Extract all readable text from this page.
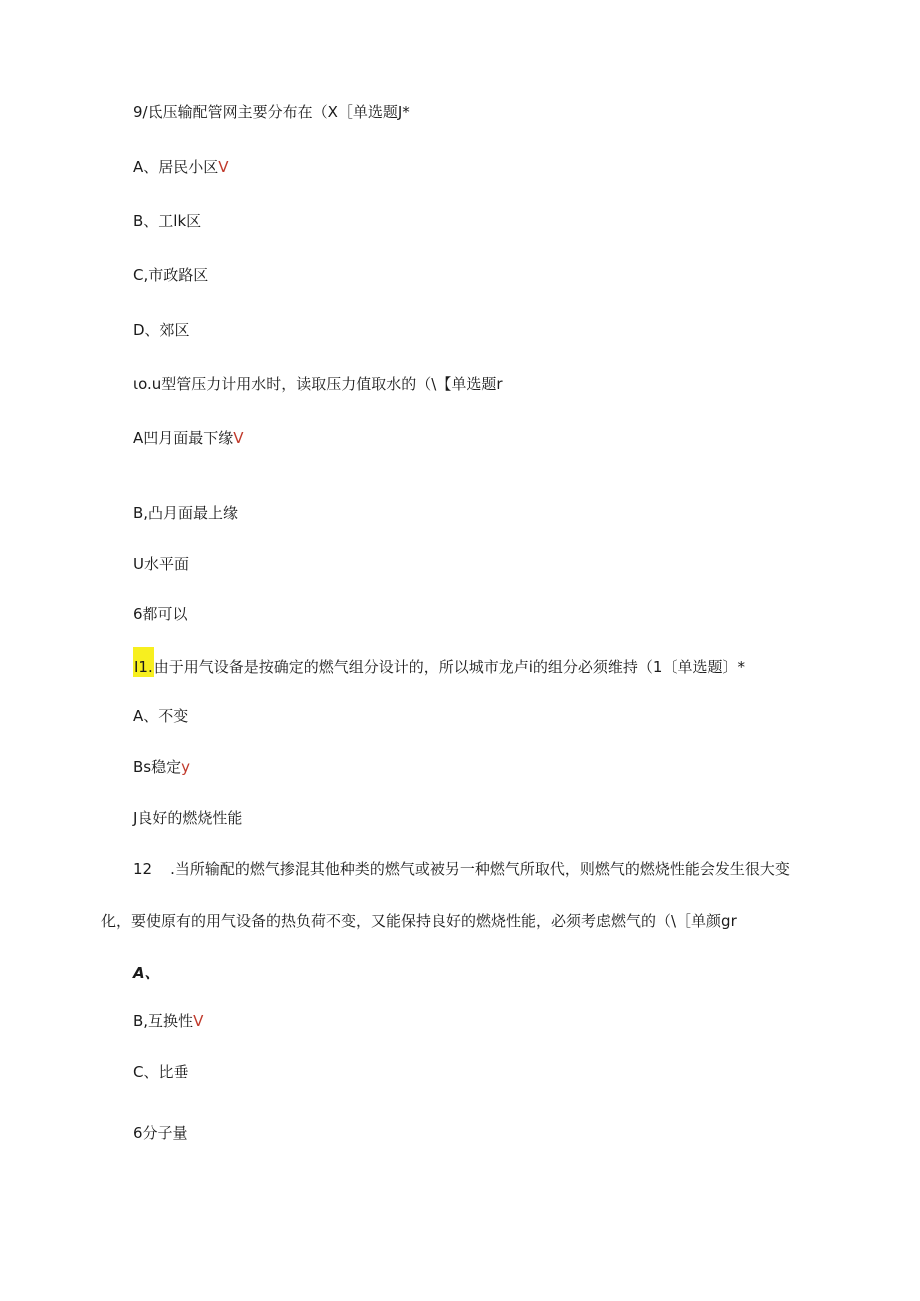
9/氐压输配管网主要分布在（X［单选题J*
A、居民小区V
B、工lk区
C,市政路区
D、郊区
ιo.u型管压力计用水时，读取压力值取水的（\【单选题r
A凹月面最下缘V
B,凸月面最上缘
U水平面
6都可以
I1.由于用气设备是按确定的燃气组分设计的，所以城市龙卢i的组分必须维持（1〔单选题〕*
A、不变
Bs稳定y
J良好的燃烧性能
12 .当所输配的燃气掺混其他种类的燃气或被另一种燃气所取代，则燃气的燃烧性能会发生很大变
化，要使原有的用气设备的热负荷不变，又能保持良好的燃烧性能，必须考虑燃气的（\［单颜gr
A、
B,互换性V
C、比垂
6分子量
